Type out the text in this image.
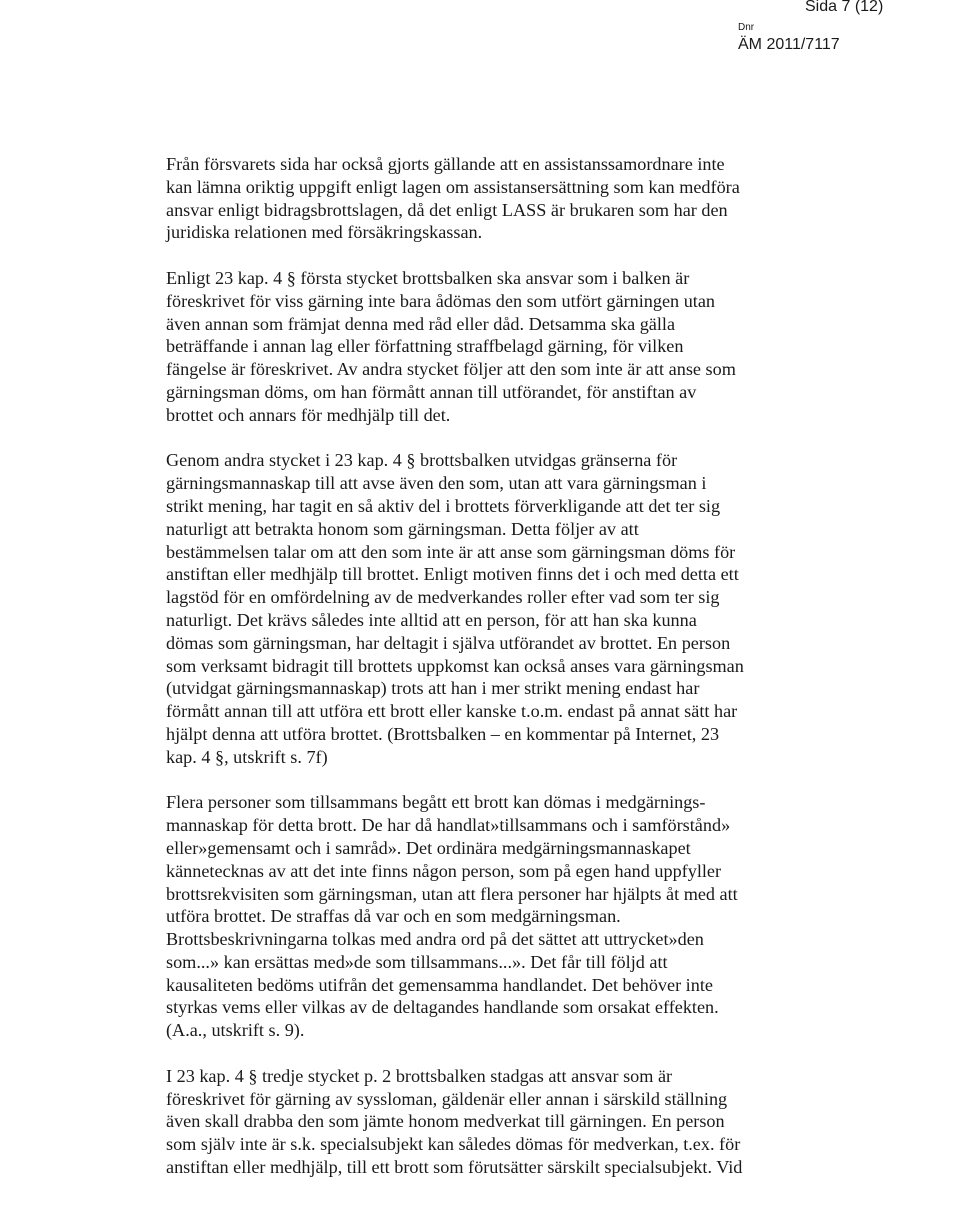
Sida 7 (12)
Dnr
ÄM 2011/7117

Från försvarets sida har också gjorts gällande att en assistanssamordnare inte
kan lämna oriktig uppgift enligt lagen om assistansersättning som kan medföra
ansvar enligt bidragsbrottslagen, då det enligt LASS är brukaren som har den
juridiska relationen med försäkringskassan.

Enligt 23 kap. 4 § första stycket brottsbalken ska ansvar som i balken är
föreskrivet för viss gärning inte bara ådömas den som utfört gärningen utan
även annan som främjat denna med råd eller dåd. Detsamma ska gälla
beträffande i annan lag eller författning straffbelagd gärning, för vilken
fängelse är föreskrivet. Av andra stycket följer att den som inte är att anse som
gärningsman döms, om han förmått annan till utförandet, för anstiftan av
brottet och annars för medhjälp till det.

Genom andra stycket i 23 kap. 4 § brottsbalken utvidgas gränserna för
gärningsmannaskap till att avse även den som, utan att vara gärningsman i
strikt mening, har tagit en så aktiv del i brottets förverkligande att det ter sig
naturligt att betrakta honom som gärningsman. Detta följer av att
bestämmelsen talar om att den som inte är att anse som gärningsman döms för
anstiftan eller medhjälp till brottet. Enligt motiven finns det i och med detta ett
lagstöd för en omfördelning av de medverkandes roller efter vad som ter sig
naturligt. Det krävs således inte alltid att en person, för att han ska kunna
dömas som gärningsman, har deltagit i själva utförandet av brottet. En person
som verksamt bidragit till brottets uppkomst kan också anses vara gärningsman
(utvidgat gärningsmannaskap) trots att han i mer strikt mening endast har
förmått annan till att utföra ett brott eller kanske t.o.m. endast på annat sätt har
hjälpt denna att utföra brottet. (Brottsbalken – en kommentar på Internet, 23
kap. 4 §, utskrift s. 7f)

Flera personer som tillsammans begått ett brott kan dömas i medgärnings-
mannaskap för detta brott. De har då handlat»tillsammans och i samförstånd»
eller»gemensamt och i samråd». Det ordinära medgärningsmannaskapet
kännetecknas av att det inte finns någon person, som på egen hand uppfyller
brottsrekvisiten som gärningsman, utan att flera personer har hjälpts åt med att
utföra brottet. De straffas då var och en som medgärningsman.
Brottsbeskrivningarna tolkas med andra ord på det sättet att uttrycket»den
som...» kan ersättas med»de som tillsammans...». Det får till följd att
kausaliteten bedöms utifrån det gemensamma handlandet. Det behöver inte
styrkas vems eller vilkas av de deltagandes handlande som orsakat effekten.
(A.a., utskrift s. 9).

I 23 kap. 4 § tredje stycket p. 2 brottsbalken stadgas att ansvar som är
föreskrivet för gärning av syssloman, gäldenär eller annan i särskild ställning
även skall drabba den som jämte honom medverkat till gärningen. En person
som själv inte är s.k. specialsubjekt kan således dömas för medverkan, t.ex. för
anstiftan eller medhjälp, till ett brott som förutsätter särskilt specialsubjekt. Vid
